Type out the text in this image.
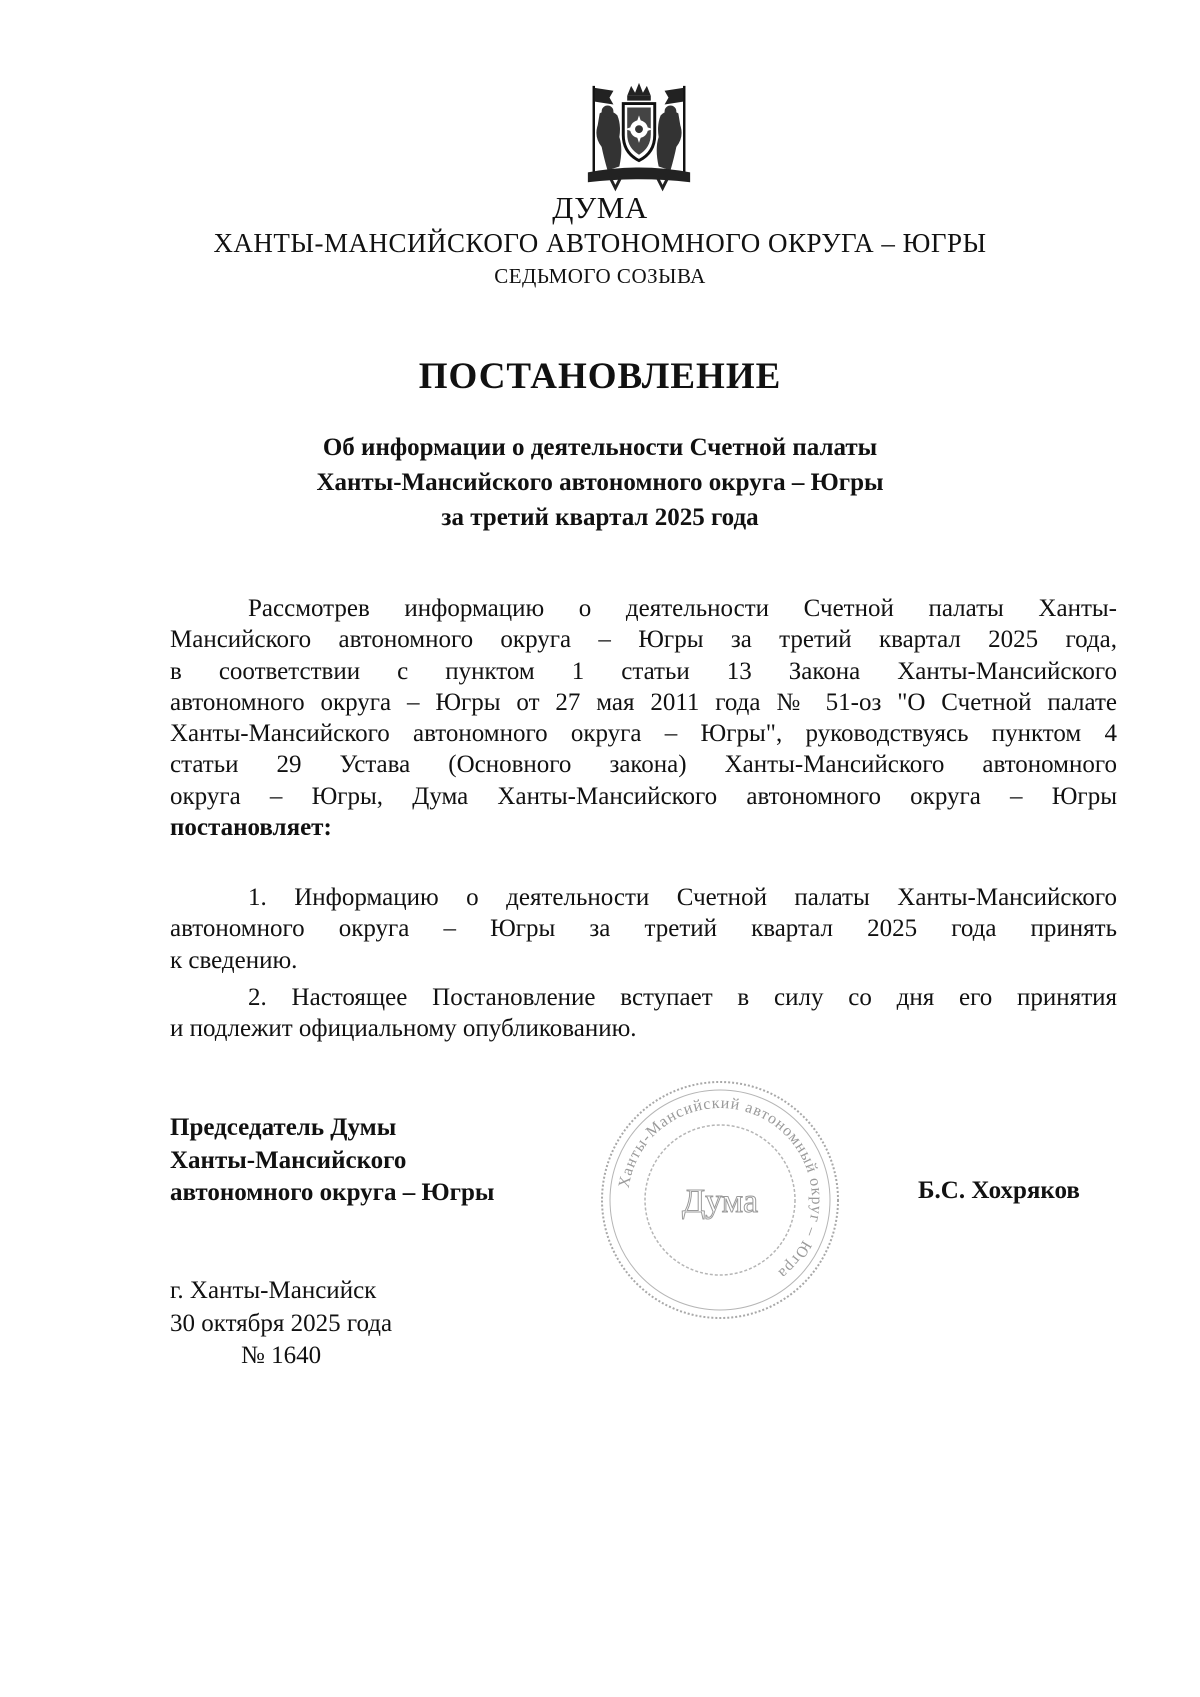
ДУМА
ХАНТЫ-МАНСИЙСКОГО АВТОНОМНОГО ОКРУГА – ЮГРЫ
СЕДЬМОГО СОЗЫВА
ПОСТАНОВЛЕНИЕ
Об информации о деятельности Счетной палаты
Ханты-Мансийского автономного округа – Югры
за третий квартал 2025 года
Рассмотрев информацию о деятельности Счетной палаты Ханты-
Мансийского автономного округа – Югры за третий квартал 2025 года,
в соответствии с пунктом 1 статьи 13 Закона Ханты-Мансийского
автономного округа – Югры от 27 мая 2011 года № 51-оз "О Счетной палате
Ханты-Мансийского автономного округа – Югры", руководствуясь пунктом 4
статьи 29 Устава (Основного закона) Ханты-Мансийского автономного
округа – Югры, Дума Ханты-Мансийского автономного округа – Югры
постановляет:
1. Информацию о деятельности Счетной палаты Ханты-Мансийского
автономного округа – Югры за третий квартал 2025 года принять
к сведению.
2. Настоящее Постановление вступает в силу со дня его принятия
и подлежит официальному опубликованию.
Председатель Думы
Ханты-Мансийского
автономного округа – Югры	Ханты-Мансийский автономный округ – Югра
Дума	Б.С. Хохряков
г. Ханты-Мансийск
30 октября 2025 года
№ 1640
